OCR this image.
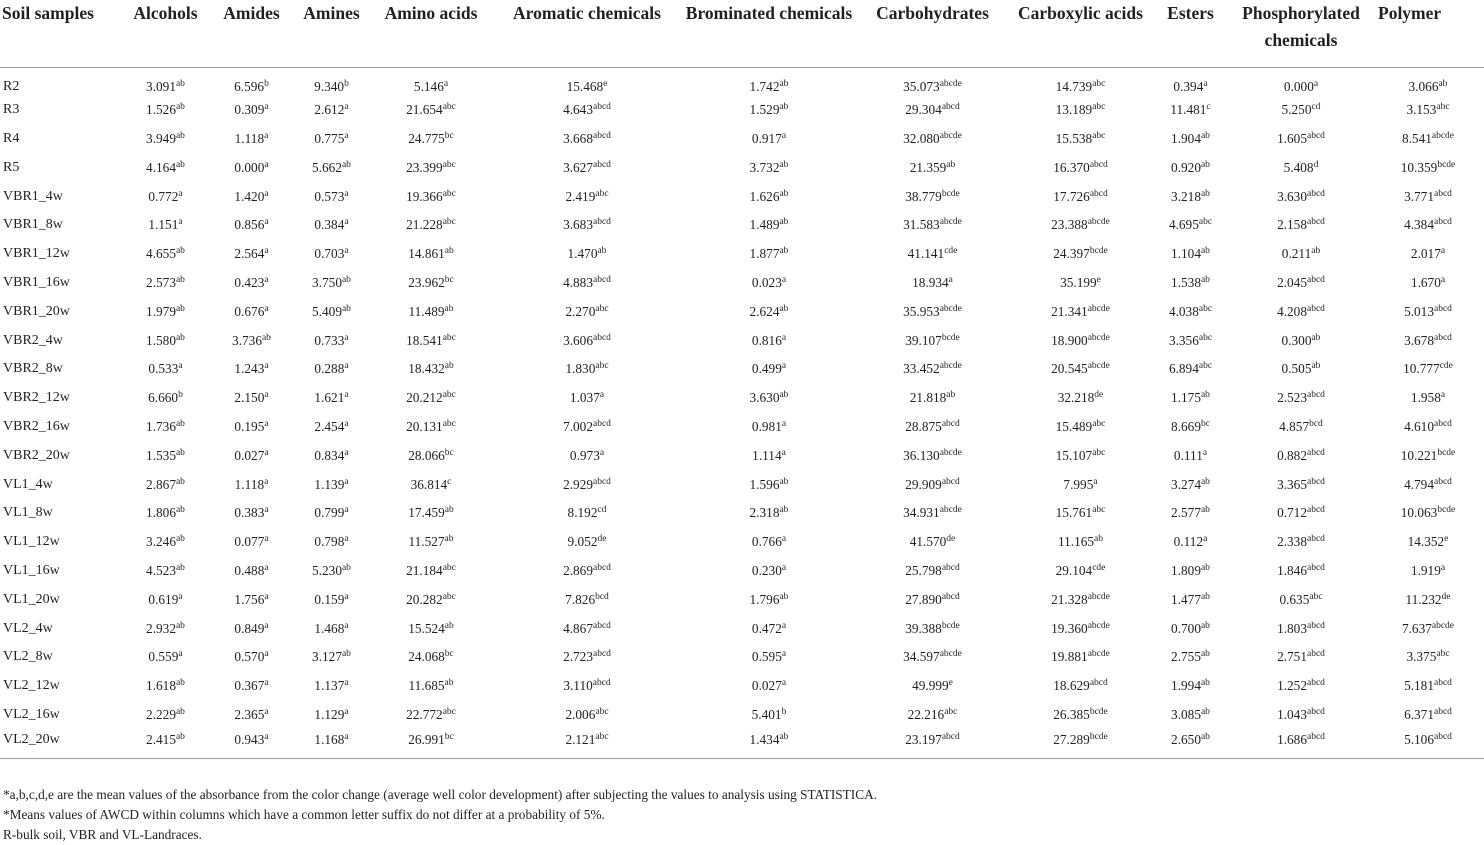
Soil samples	Alcohols	Amides	Amines	Amino acids	Aromatic chemicals	Brominated chemicals	Carbohydrates	Carboxylic acids	Esters	Phosphorylated chemicals	Polymer
R2	3.091$^{ab}$	6.596$^b$	9.340$^b$	5.146$^a$	15.468e	1.742$^{ab}$	$35.073^{abcde}$	14.739$^{abc}$	0.394$^a$	0.000$^a$	3.066$^{ab}$
R3	1.526$^{ab}$	0.309$^a$	2.612$^a$	21.654$^{abc}$	$4.643^{abcd}$	1.529$^{ab}$	$29.304^{abcd}$	13.189$^{abc}$	11.481$^c$	5.250$^{cd}$	3.153$^{abc}$
R4	3.949$^{ab}$	1.118$^a$	0.775$^a$	24.775$^{bc}$	$3.668^{abcd}$	0.917$^a$	$32.080^{abcde}$	15.538$^{abc}$	1.904$^{ab}$	$1.605^{abcd}$	$8.541^{abcde}$
R5	4.164$^{ab}$	0.000$^a$	5.662$^{ab}$	23.399$^{abc}$	$3.627^{abcd}$	3.732$^{ab}$	21.359$^{ab}$	$16.370^{abcd}$	0.920$^{ab}$	5.408$^d$	$10.359^{bcde}$
VBR1_4w	0.772$^a$	1.420$^a$	0.573$^a$	19.366$^{abc}$	2.419$^{abc}$	1.626$^{ab}$	$38.779^{bcde}$	$17.726^{abcd}$	3.218$^{ab}$	$3.630^{abcd}$	$3.771^{abcd}$
VBR1_8w	1.151$^a$	0.856$^a$	0.384$^a$	21.228$^{abc}$	$3.683^{abcd}$	1.489$^{ab}$	$31.583^{abcde}$	$23.388^{abcde}$	4.695$^{abc}$	$2.158^{abcd}$	$4.384^{abcd}$
VBR1_12w	4.655$^{ab}$	2.564$^a$	0.703$^a$	14.861$^{ab}$	1.470$^{ab}$	1.877$^{ab}$	41.141$^{cde}$	$24.397^{bcde}$	1.104$^{ab}$	0.211$^{ab}$	2.017$^a$
VBR1_16w	2.573$^{ab}$	0.423$^a$	3.750$^{ab}$	23.962$^{bc}$	$4.883^{abcd}$	0.023$^a$	18.934$^a$	35.199e	1.538$^{ab}$	$2.045^{abcd}$	1.670$^a$
VBR1_20w	1.979$^{ab}$	0.676$^a$	5.409$^{ab}$	11.489$^{ab}$	2.270$^{abc}$	2.624$^{ab}$	$35.953^{abcde}$	$21.341^{abcde}$	4.038$^{abc}$	$4.208^{abcd}$	$5.013^{abcd}$
VBR2_4w	1.580$^{ab}$	3.736$^{ab}$	0.733$^a$	18.541$^{abc}$	$3.606^{abcd}$	0.816$^a$	$39.107^{bcde}$	$18.900^{abcde}$	3.356$^{abc}$	0.300$^{ab}$	$3.678^{abcd}$
VBR2_8w	0.533$^a$	1.243$^a$	0.288$^a$	18.432$^{ab}$	1.830$^{abc}$	0.499$^a$	$33.452^{abcde}$	$20.545^{abcde}$	6.894$^{abc}$	0.505$^{ab}$	10.777$^{cde}$
VBR2_12w	6.660$^b$	2.150$^a$	1.621$^a$	20.212$^{abc}$	1.037$^a$	3.630$^{ab}$	21.818$^{ab}$	32.218de	1.175$^{ab}$	$2.523^{abcd}$	1.958$^a$
VBR2_16w	1.736$^{ab}$	0.195$^a$	2.454$^a$	20.131$^{abc}$	$7.002^{abcd}$	0.981$^a$	$28.875^{abcd}$	15.489$^{abc}$	8.669$^{bc}$	4.857$^{bcd}$	$4.610^{abcd}$
VBR2_20w	1.535$^{ab}$	0.027$^a$	0.834$^a$	28.066$^{bc}$	0.973$^a$	1.114$^a$	$36.130^{abcde}$	15.107$^{abc}$	0.111$^a$	$0.882^{abcd}$	$10.221^{bcde}$
VL1_4w	2.867$^{ab}$	1.118$^a$	1.139$^a$	36.814$^c$	$2.929^{abcd}$	1.596$^{ab}$	$29.909^{abcd}$	7.995$^a$	3.274$^{ab}$	$3.365^{abcd}$	$4.794^{abcd}$
VL1_8w	1.806$^{ab}$	0.383$^a$	0.799$^a$	17.459$^{ab}$	8.192$^{cd}$	2.318$^{ab}$	$34.931^{abcde}$	15.761$^{abc}$	2.577$^{ab}$	$0.712^{abcd}$	$10.063^{bcde}$
VL1_12w	3.246$^{ab}$	0.077$^a$	0.798$^a$	11.527$^{ab}$	9.052de	0.766$^a$	41.570de	11.165$^{ab}$	0.112$^a$	$2.338^{abcd}$	14.352e
VL1_16w	4.523$^{ab}$	0.488$^a$	5.230$^{ab}$	21.184$^{abc}$	$2.869^{abcd}$	0.230$^a$	$25.798^{abcd}$	29.104$^{cde}$	1.809$^{ab}$	$1.846^{abcd}$	1.919$^a$
VL1_20w	0.619$^a$	1.756$^a$	0.159$^a$	20.282$^{abc}$	7.826$^{bcd}$	1.796$^{ab}$	$27.890^{abcd}$	$21.328^{abcde}$	1.477$^{ab}$	0.635$^{abc}$	11.232de
VL2_4w	2.932$^{ab}$	0.849$^a$	1.468$^a$	15.524$^{ab}$	$4.867^{abcd}$	0.472$^a$	$39.388^{bcde}$	$19.360^{abcde}$	0.700$^{ab}$	$1.803^{abcd}$	$7.637^{abcde}$
VL2_8w	0.559$^a$	0.570$^a$	3.127$^{ab}$	24.068$^{bc}$	$2.723^{abcd}$	0.595$^a$	$34.597^{abcde}$	$19.881^{abcde}$	2.755$^{ab}$	$2.751^{abcd}$	3.375$^{abc}$
VL2_12w	1.618$^{ab}$	0.367$^a$	1.137$^a$	11.685$^{ab}$	$3.110^{abcd}$	0.027$^a$	49.999e	$18.629^{abcd}$	1.994$^{ab}$	$1.252^{abcd}$	$5.181^{abcd}$
VL2_16w	2.229$^{ab}$	2.365$^a$	1.129$^a$	22.772$^{abc}$	2.006$^{abc}$	5.401$^b$	22.216$^{abc}$	$26.385^{bcde}$	3.085$^{ab}$	$1.043^{abcd}$	$6.371^{abcd}$
VL2_20w	2.415$^{ab}$	0.943$^a$	1.168$^a$	26.991$^{bc}$	2.121$^{abc}$	1.434$^{ab}$	$23.197^{abcd}$	$27.289^{bcde}$	2.650$^{ab}$	$1.686^{abcd}$	$5.106^{abcd}$
*a,b,c,d,e are the mean values of the absorbance from the color change (average well color development) after subjecting the values to analysis using STATISTICA.
*Means values of AWCD within columns which have a common letter suffix do not differ at a probability of 5%.
R-bulk soil, VBR and VL-Landraces.
